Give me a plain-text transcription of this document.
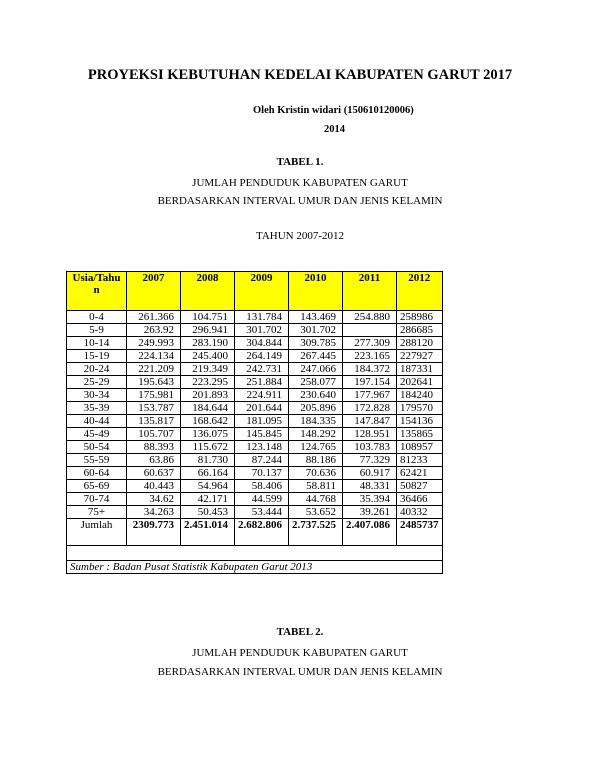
PROYEKSI KEBUTUHAN KEDELAI KABUPATEN GARUT 2017
Oleh Kristin widari (150610120006)
2014
TABEL 1.
JUMLAH PENDUDUK KABUPATEN GARUT
BERDASARKAN INTERVAL UMUR DAN JENIS KELAMIN
TAHUN 2007-2012
Usia/Tahun	2007	2008	2009	2010	2011	2012
0-4	261.366	104.751	131.784	143.469	254.880	258986
5-9	263.92	296.941	301.702	301.702		286685
10-14	249.993	283.190	304.844	309.785	277.309	288120
15-19	224.134	245.400	264.149	267.445	223.165	227927
20-24	221.209	219.349	242.731	247.066	184.372	187331
25-29	195.643	223.295	251.884	258.077	197.154	202641
30-34	175.981	201.893	224.911	230.640	177.967	184240
35-39	153.787	184.644	201.644	205.896	172.828	179570
40-44	135.817	168.642	181.095	184.335	147.847	154136
45-49	105.707	136.075	145.845	148.292	128.951	135865
50-54	88.393	115.672	123.148	124.765	103.783	108957
55-59	63.86	81.730	87.244	88.186	77.329	81233
60-64	60.637	66.164	70.137	70.636	60.917	62421
65-69	40.443	54.964	58.406	58.811	48.331	50827
70-74	34.62	42.171	44.599	44.768	35.394	36466
75+	34.263	50.453	53.444	53.652	39.261	40332
Jumlah	2309.773	2.451.014	2.682.806	2.737.525	2.407.086	2485737

Sumber : Badan Pusat Statistik Kabupaten Garut 2013						
TABEL 2.
JUMLAH PENDUDUK KABUPATEN GARUT
BERDASARKAN INTERVAL UMUR DAN JENIS KELAMIN
